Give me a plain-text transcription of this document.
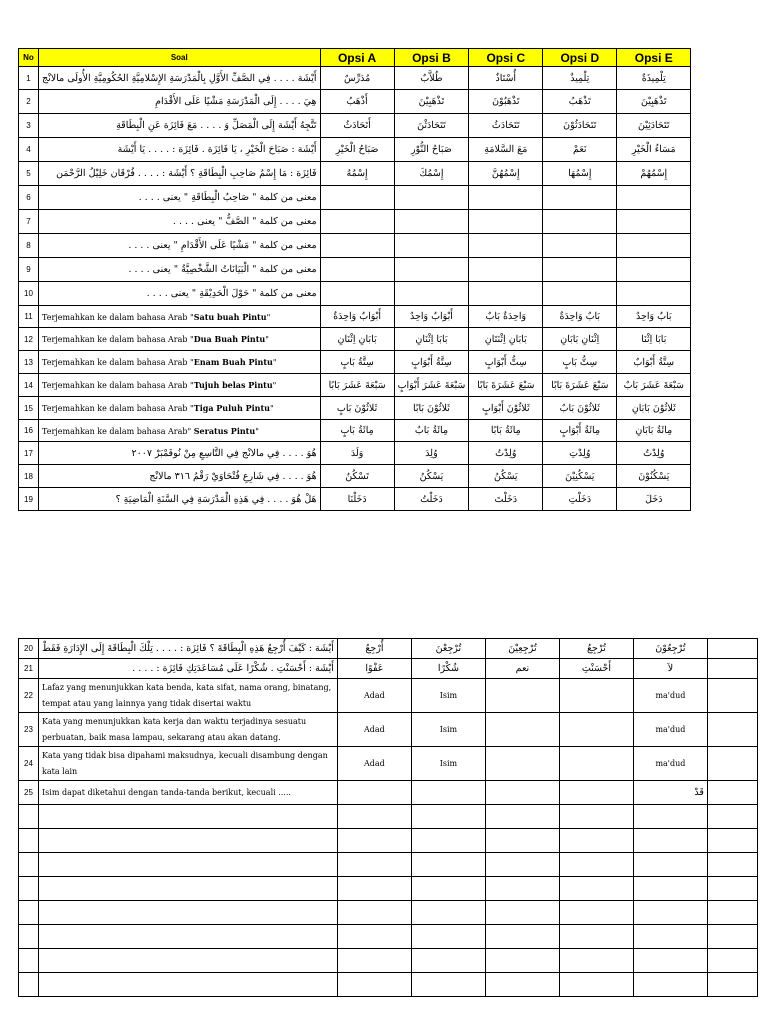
No	Soal	Opsi A	Opsi B	Opsi C	Opsi D	Opsi E
1	أَيْشَة . . . . فِي الصَّفِّ الأَوَّلِ بِالْمَدْرَسَةِ الإِسْلامِيَّةِ الحُكُومِيَّةِ الأُولَى مالانْج	مُدَرِّسٌ	طُلاَّبٌ	أُسْتَاذٌ	تِلْمِيذٌ	تِلْمِيذَةٌ
2	هِيَ . . . . إِلَى الْمَدْرَسَةِ مَشْيًا عَلَى الأَقْدَامِ	أَذْهَبُ	تَذْهَبِيْنَ	تَذْهَبُوْنَ	تَذْهَبُ	تَذْهَبِيْنَ
3	تَتَّجِهُ أَيْشَة إِلَى الْمَصَلِّ وَ . . . . مَعَ فَائِزَة عَنِ الْبِطَاقَةِ	أَتَحَادَثُ	تَتَحَادَثْنَ	تَتَحَادَثُ	تَتَحَادَثُوْنَ	تَتَحَادَثِيْنَ
4	أَيْشَة : صَبَاحَ الْخَيْرِ ، يَا فَائِزَة . فَائِزَة : . . . . يَا أَيْشَة	صَبَاحُ الْخَيْرِ	صَبَاحُ النُّوْرِ	مَعَ السَّلامَةِ	نَعَمْ	مَسَاءُ الْخَيْرِ
5	فَائِزَة : مَا إِسْمُ صَاحِبِ الْبِطَاقَةِ ؟ أَيْشَة : . . . . فُرْقَان خَلِيْلُ الرَّحْمَن	إِسْمُهُ	إِسْمُكَ	إِسْمُهُنَّ	إِسْمُهَا	إِسْمُهُمْ
6	معنى من كلمة " صَاحِبُ الْبِطَاقَةِ " يعنى . . . .					
7	معنى من كلمة " الصَّفُّ " يعنى . . . .					
8	معنى من كلمة " مَشْيًا عَلَى الأَقْدَامِ " يعنى . . . .					
9	معنى من كلمة " الْبَيَانَاتُ الشَّخْصِيَّةُ " يعنى . . . .					
10	معنى من كلمة " حَوْلَ الْحَدِيْقَةِ " يعنى . . . .					
11	Terjemahkan ke dalam bahasa Arab "Satu buah Pintu"	أَبْوَابٌ وَاحِدَةٌ	أَبْوَابٌ وَاحِدٌ	وَاحِدَةٌ بَابٌ	بَابٌ وَاحِدَةٌ	بَابٌ وَاحِدٌ
12	Terjemahkan ke dalam bahasa Arab "Dua Buah Pintu"	بَابَانِ اِثْنَانِ	بَابَا اِثْنَانِ	بَابَانِ اِثْنَتَانِ	اِثْنَانِ بَابَانِ	بَابَا اِثْنَا
13	Terjemahkan ke dalam bahasa Arab "Enam Buah Pintu"	سِتَّةُ بَابٍ	سِتَّةُ أَبْوَابٍ	سِتُّ أَبْوَابٍ	سِتُّ بَابٍ	سِتَّةُ أَبْوَابٌ
14	Terjemahkan ke dalam bahasa Arab "Tujuh belas Pintu"	سَبْعَةَ عَشَرَ بَابًا	سَبْعَةَ عَشَرَ أَبْوَابٍ	سَبْعَ عَشَرَةَ بَابًا	سَبْعَ عَشَرَةَ بَابًا	سَبْعَةَ عَشَرَ بَابٌ
15	Terjemahkan ke dalam bahasa Arab "Tiga Puluh Pintu"	ثَلاثُوْنَ بَابٍ	ثَلاثُوْنَ بَابًا	ثَلاثُوْنَ أَبْوَابٍ	ثَلاثُوْنَ بَابٌ	ثَلاثُوْنَ بَابَانِ
16	Terjemahkan ke dalam bahasa Arab" Seratus Pintu"	مِائَةُ بَابٍ	مِائَةُ بَابٌ	مِائَةُ بَابًا	مِائَةُ أَبْوَابٍ	مِائَةُ بَابَانِ
17	هُوَ . . . . فِي مالانْج فِي التَّاسِعِ مِنْ نُوفَمْبَرْ ٢٠٠٧	وَلَدَ	وُلِدَ	وُلِدْتُ	وُلِدْتِ	وُلِدْتُ
18	هُوَ . . . . فِي شَارِعِ فُتْحَاوَيْ رَقْمُ ٣١٦ مالانْج	تَسْكُنُ	يَسْكُنُ	يَسْكُنُ	يَسْكُنِيْنَ	يَسْكُنُوْنَ
19	هَلْ هُوَ . . . . فِي هَذِهِ الْمَدْرَسَةِ فِي السَّنَةِ الْمَاضِيَةِ ؟	دَخَلْنَا	دَخَلْتُ	دَخَلْتَ	دَخَلْتِ	دَخَلَ
20	أَيْشَة : كَيْفَ أُرْجِعُ هَذِهِ الْبِطَاقَةَ ؟ فَائِزَة : . . . . تِلْكَ الْبِطَاقَةَ إِلَى الإِدَارَةِ فَقَطْ	أُرْجِعُ	تُرْجِعْنَ	تُرْجِعِيْنَ	تُرْجِعُ	تُرْجِعُوْنَ	
21	أَيْشَة : أَحْسَنْتِ . شُكْرًا عَلَى مُسَاعَدَتِكِ فَائِزَة : . . . .	عَفْوًا	شُكْرًا	نعم	أَحْسَنْتِ	لاَ	
22	Lafaz yang menunjukkan kata benda, kata sifat, nama orang, binatang, tempat atau yang lainnya yang tidak disertai waktu	Adad	Isim			ma'dud	
23	Kata yang menunjukkan kata kerja dan waktu terjadinya sesuatu perbuatan, baik masa lampau, sekarang atau akan datang.	Adad	Isim			ma'dud	
24	Kata yang tidak bisa dipahami maksudnya, kecuali disambung dengan kata lain	Adad	Isim			ma'dud	
25	Isim dapat diketahui dengan tanda-tanda berikut, kecuali .....					قَدْ	
